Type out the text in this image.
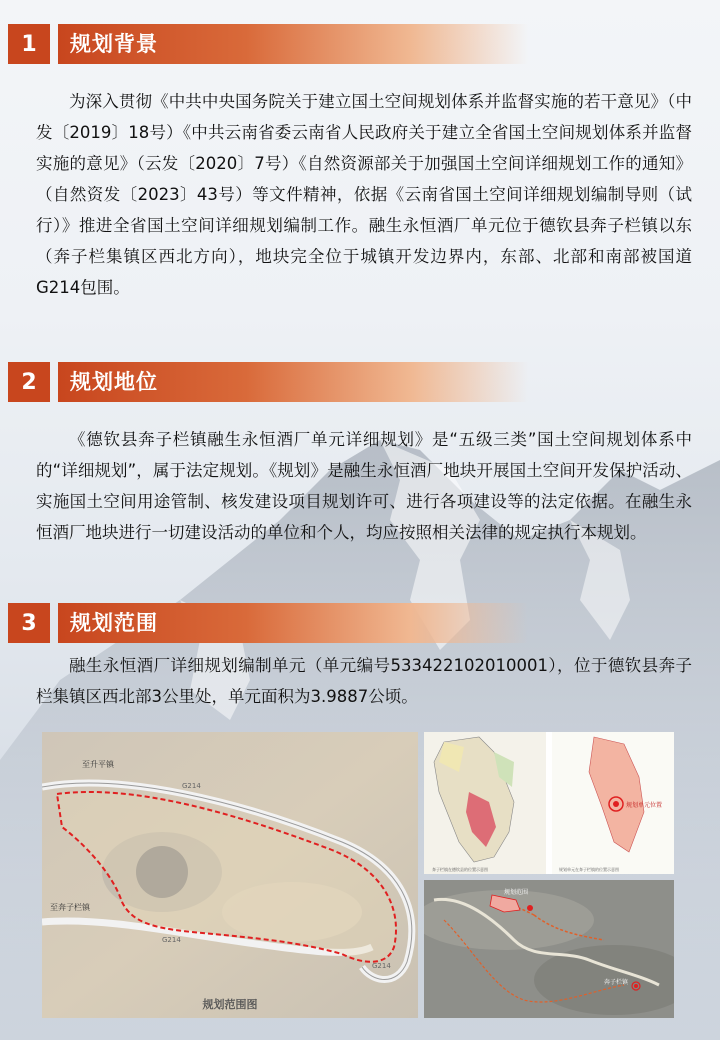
1	规划背景

为深入贯彻《中共中央国务院关于建立国土空间规划体系并监督实施的若干意见》（中发〔2019〕18号）《中共云南省委云南省人民政府关于建立全省国土空间规划体系并监督实施的意见》（云发〔2020〕7号）《自然资源部关于加强国土空间详细规划工作的通知》（自然资发〔2023〕43号）等文件精神，依据《云南省国土空间详细规划编制导则（试行）》推进全省国土空间详细规划编制工作。融生永恒酒厂单元位于德钦县奔子栏镇以东（奔子栏集镇区西北方向），地块完全位于城镇开发边界内，东部、北部和南部被国道G214包围。

2	规划地位

《德钦县奔子栏镇融生永恒酒厂单元详细规划》是“五级三类”国土空间规划体系中的“详细规划”，属于法定规划。《规划》是融生永恒酒厂地块开展国土空间开发保护活动、实施国土空间用途管制、核发建设项目规划许可、进行各项建设等的法定依据。在融生永恒酒厂地块进行一切建设活动的单位和个人，均应按照相关法律的规定执行本规划。

3	规划范围

融生永恒酒厂详细规划编制单元（单元编号533422102010001），位于德钦县奔子栏集镇区西北部3公里处，单元面积为3.9887公顷。

至升平镇
至奔子栏镇
G214
G214
G214
规划范围图
规划单元位置
奔子栏镇在德钦县的位置示意图	规划单元在奔子栏镇的位置示意图
规划范围
奔子栏镇
